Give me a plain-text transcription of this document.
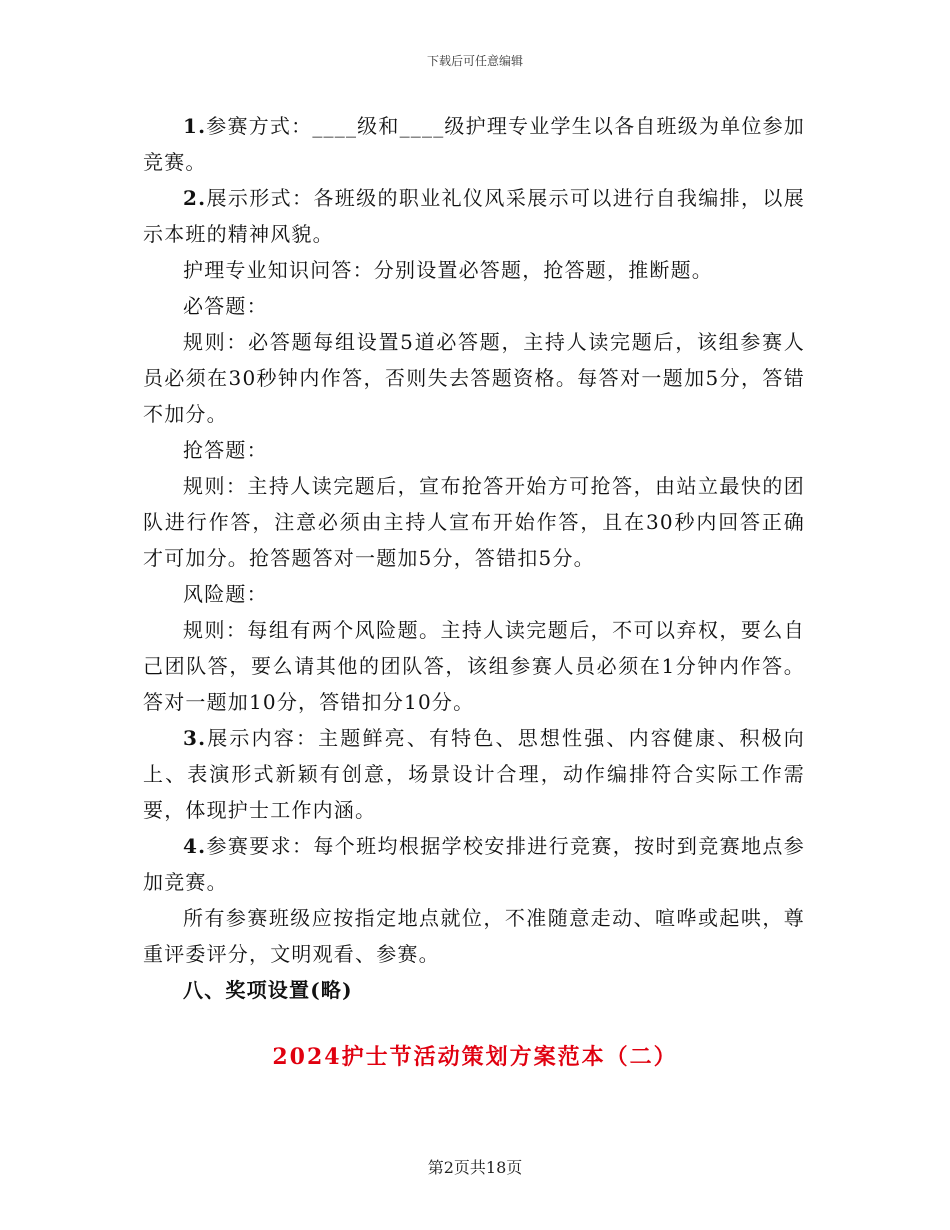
下载后可任意编辑

1.参赛方式：____级和____级护理专业学生以各自班级为单位参加竞赛。

2.展示形式：各班级的职业礼仪风采展示可以进行自我编排，以展示本班的精神风貌。

护理专业知识问答：分别设置必答题，抢答题，推断题。

必答题：

规则：必答题每组设置5道必答题，主持人读完题后，该组参赛人员必须在30秒钟内作答，否则失去答题资格。每答对一题加5分，答错不加分。

抢答题：

规则：主持人读完题后，宣布抢答开始方可抢答，由站立最快的团队进行作答，注意必须由主持人宣布开始作答，且在30秒内回答正确才可加分。抢答题答对一题加5分，答错扣5分。

风险题：

规则：每组有两个风险题。主持人读完题后，不可以弃权，要么自己团队答，要么请其他的团队答，该组参赛人员必须在1分钟内作答。答对一题加10分，答错扣分10分。

3.展示内容：主题鲜亮、有特色、思想性强、内容健康、积极向上、表演形式新颖有创意，场景设计合理，动作编排符合实际工作需要，体现护士工作内涵。

4.参赛要求：每个班均根据学校安排进行竞赛，按时到竞赛地点参加竞赛。

所有参赛班级应按指定地点就位，不准随意走动、喧哗或起哄，尊重评委评分，文明观看、参赛。

八、奖项设置(略)

2024护士节活动策划方案范本（二）
第2页共18页
